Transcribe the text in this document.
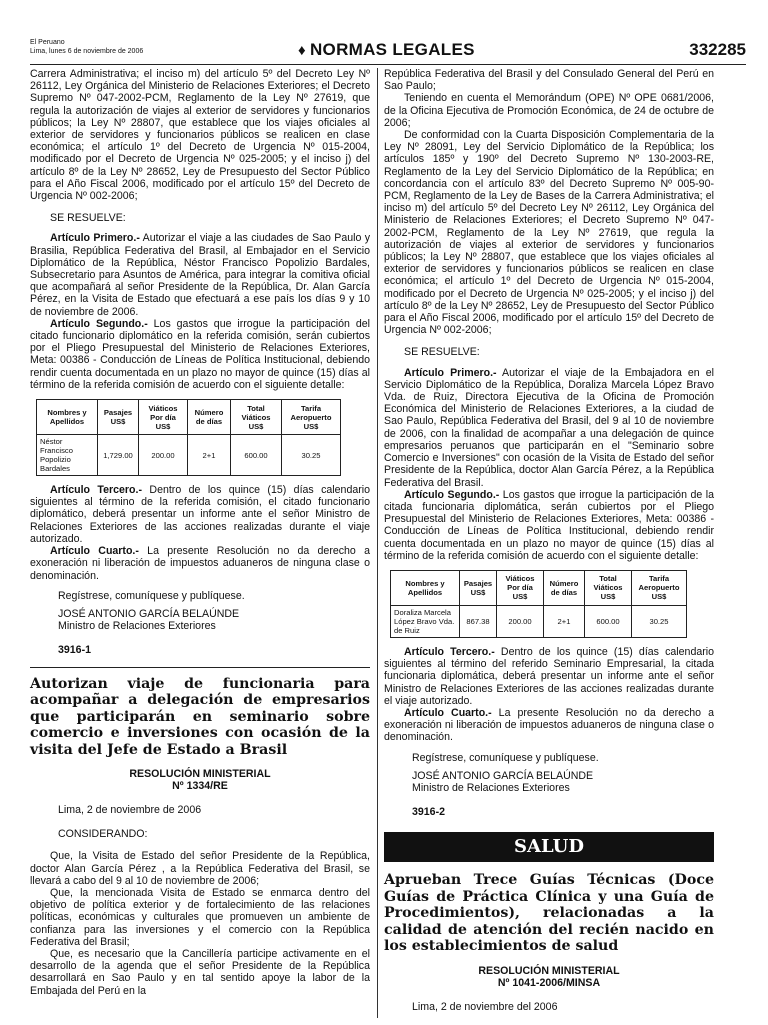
El Peruano
Lima, lunes 6 de noviembre de 2006	♦ NORMAS LEGALES	332285

Carrera Administrativa; el inciso m) del artículo 5º del Decreto Ley Nº 26112, Ley Orgánica del Ministerio de Relaciones Exteriores; el Decreto Supremo Nº 047-2002-PCM, Reglamento de la Ley Nº 27619, que regula la autorización de viajes al exterior de servidores y funcionarios públicos; la Ley Nº 28807, que establece que los viajes oficiales al exterior de servidores y funcionarios públicos se realicen en clase económica; el artículo 1º del Decreto de Urgencia Nº 015-2004, modificado por el Decreto de Urgencia Nº 025-2005; y el inciso j) del artículo 8º de la Ley Nº 28652, Ley de Presupuesto del Sector Público para el Año Fiscal 2006, modificado por el artículo 15º del Decreto de Urgencia Nº 002-2006;

SE RESUELVE:

Artículo Primero.- Autorizar el viaje a las ciudades de Sao Paulo y Brasilia, República Federativa del Brasil, al Embajador en el Servicio Diplomático de la República, Néstor Francisco Popolizio Bardales, Subsecretario para Asuntos de América, para integrar la comitiva oficial que acompañará al señor Presidente de la República, Dr. Alan García Pérez, en la Visita de Estado que efectuará a ese país los días 9 y 10 de noviembre de 2006.

Artículo Segundo.- Los gastos que irrogue la participación del citado funcionario diplomático en la referida comisión, serán cubiertos por el Pliego Presupuestal del Ministerio de Relaciones Exteriores, Meta: 00386 - Conducción de Líneas de Política Institucional, debiendo rendir cuenta documentada en un plazo no mayor de quince (15) días al término de la referida comisión de acuerdo con el siguiente detalle:

Nombres y Apellidos	Pasajes US$	Viáticos Por día US$	Número de días	Total Viáticos US$	Tarifa Aeropuerto US$
Néstor Francisco Popolizio Bardales	1,729.00	200.00	2+1	600.00	30.25

Artículo Tercero.- Dentro de los quince (15) días calendario siguientes al término de la referida comisión, el citado funcionario diplomático, deberá presentar un informe ante el señor Ministro de Relaciones Exteriores de las acciones realizadas durante el viaje autorizado.

Artículo Cuarto.- La presente Resolución no da derecho a exoneración ni liberación de impuestos aduaneros de ninguna clase o denominación.

Regístrese, comuníquese y publíquese.

JOSÉ ANTONIO GARCÍA BELAÚNDE

Ministro de Relaciones Exteriores

3916-1

Autorizan viaje de funcionaria para acompañar a delegación de empresarios que participarán en seminario sobre comercio e inversiones con ocasión de la visita del Jefe de Estado a Brasil
RESOLUCIÓN MINISTERIAL
Nº 1334/RE

Lima, 2 de noviembre de 2006

CONSIDERANDO:

Que, la Visita de Estado del señor Presidente de la República, doctor Alan García Pérez , a la República Federativa del Brasil, se llevará a cabo del 9 al 10 de noviembre de 2006;

Que, la mencionada Visita de Estado se enmarca dentro del objetivo de política exterior y de fortalecimiento de las relaciones políticas, económicas y culturales que promueven un ambiente de confianza para las inversiones y el comercio con la República Federativa del Brasil;

Que, es necesario que la Cancillería participe activamente en el desarrollo de la agenda que el señor Presidente de la República desarrollará en Sao Paulo y en tal sentido apoye la labor de la Embajada del Perú en la

República Federativa del Brasil y del Consulado General del Perú en Sao Paulo;

Teniendo en cuenta el Memorándum (OPE) Nº OPE 0681/2006, de la Oficina Ejecutiva de Promoción Económica, de 24 de octubre de 2006;

De conformidad con la Cuarta Disposición Complementaria de la Ley Nº 28091, Ley del Servicio Diplomático de la República; los artículos 185º y 190º del Decreto Supremo Nº 130-2003-RE, Reglamento de la Ley del Servicio Diplomático de la República; en concordancia con el artículo 83º del Decreto Supremo Nº 005-90-PCM, Reglamento de la Ley de Bases de la Carrera Administrativa; el inciso m) del artículo 5º del Decreto Ley Nº 26112, Ley Orgánica del Ministerio de Relaciones Exteriores; el Decreto Supremo Nº 047-2002-PCM, Reglamento de la Ley Nº 27619, que regula la autorización de viajes al exterior de servidores y funcionarios públicos; la Ley Nº 28807, que establece que los viajes oficiales al exterior de servidores y funcionarios públicos se realicen en clase económica; el artículo 1º del Decreto de Urgencia Nº 015-2004, modificado por el Decreto de Urgencia Nº 025-2005; y el inciso j) del artículo 8º de la Ley Nº 28652, Ley de Presupuesto del Sector Público para el Año Fiscal 2006, modificado por el artículo 15º del Decreto de Urgencia Nº 002-2006;

SE RESUELVE:

Artículo Primero.- Autorizar el viaje de la Embajadora en el Servicio Diplomático de la República, Doraliza Marcela López Bravo Vda. de Ruiz, Directora Ejecutiva de la Oficina de Promoción Económica del Ministerio de Relaciones Exteriores, a la ciudad de Sao Paulo, República Federativa del Brasil, del 9 al 10 de noviembre de 2006, con la finalidad de acompañar a una delegación de quince empresarios peruanos que participarán en el "Seminario sobre Comercio e Inversiones" con ocasión de la Visita de Estado del señor Presidente de la República, doctor Alan García Pérez, a la República Federativa del Brasil.

Artículo Segundo.- Los gastos que irrogue la participación de la citada funcionaria diplomática, serán cubiertos por el Pliego Presupuestal del Ministerio de Relaciones Exteriores, Meta: 00386 - Conducción de Líneas de Política Institucional, debiendo rendir cuenta documentada en un plazo no mayor de quince (15) días al término de la referida comisión de acuerdo con el siguiente detalle:

Nombres y Apellidos	Pasajes US$	Viáticos Por día US$	Número de días	Total Viáticos US$	Tarifa Aeropuerto US$
Doraliza Marcela López Bravo Vda. de Ruiz	867.38	200.00	2+1	600.00	30.25

Artículo Tercero.- Dentro de los quince (15) días calendario siguientes al término del referido Seminario Empresarial, la citada funcionaria diplomática, deberá presentar un informe ante el señor Ministro de Relaciones Exteriores de las acciones realizadas durante el viaje autorizado.

Artículo Cuarto.- La presente Resolución no da derecho a exoneración ni liberación de impuestos aduaneros de ninguna clase o denominación.

Regístrese, comuníquese y publíquese.

JOSÉ ANTONIO GARCÍA BELAÚNDE

Ministro de Relaciones Exteriores

3916-2

SALUD
Aprueban Trece Guías Técnicas (Doce Guías de Práctica Clínica y una Guía de Procedimientos), relacionadas a la calidad de atención del recién nacido en los establecimientos de salud
RESOLUCIÓN MINISTERIAL
Nº 1041-2006/MINSA

Lima, 2 de noviembre del 2006
